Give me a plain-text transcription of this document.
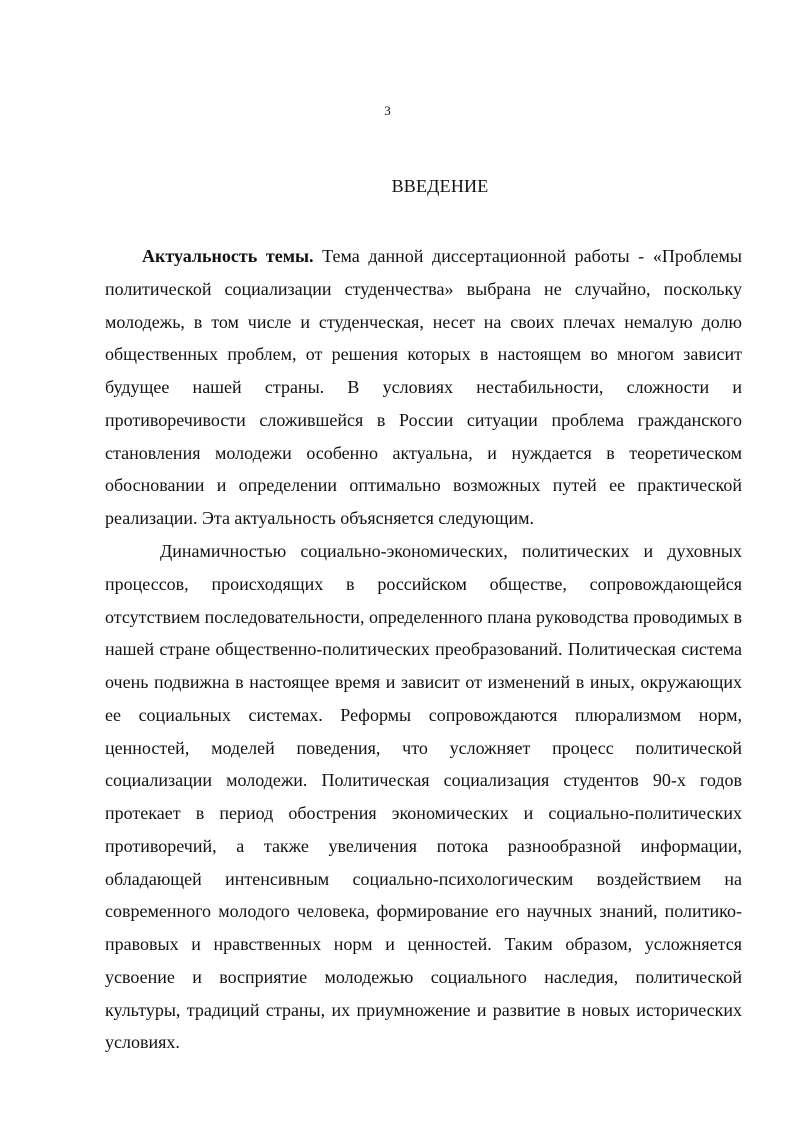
3
ВВЕДЕНИЕ

Актуальность темы. Тема данной диссертационной работы - «Проблемы политической социализации студенчества» выбрана не случайно, поскольку молодежь, в том числе и студенческая, несет на своих плечах немалую долю общественных проблем, от решения которых в настоящем во многом зависит будущее нашей страны. В условиях нестабильности, сложности и противоречивости сложившейся в России ситуации проблема гражданского становления молодежи особенно актуальна, и нуждается в теоретическом обосновании и определении оптимально возможных путей ее практической реализации. Эта актуальность объясняется следующим.

Динамичностью социально-экономических, политических и духовных процессов, происходящих в российском обществе, сопровождающейся отсутствием последовательности, определенного плана руководства проводимых в нашей стране общественно-политических преобразований. Политическая система очень подвижна в настоящее время и зависит от изменений в иных, окружающих ее социальных системах. Реформы сопровождаются плюрализмом норм, ценностей, моделей поведения, что усложняет процесс политической социализации молодежи. Политическая социализация студентов 90-х годов протекает в период обострения экономических и социально-политических противоречий, а также увеличения потока разнообразной информации, обладающей интенсивным социально-психологическим воздействием на современного молодого человека, формирование его научных знаний, политико-правовых и нравственных норм и ценностей. Таким образом, усложняется усвоение и восприятие молодежью социального наследия, политической культуры, традиций страны, их приумножение и развитие в новых исторических условиях.
